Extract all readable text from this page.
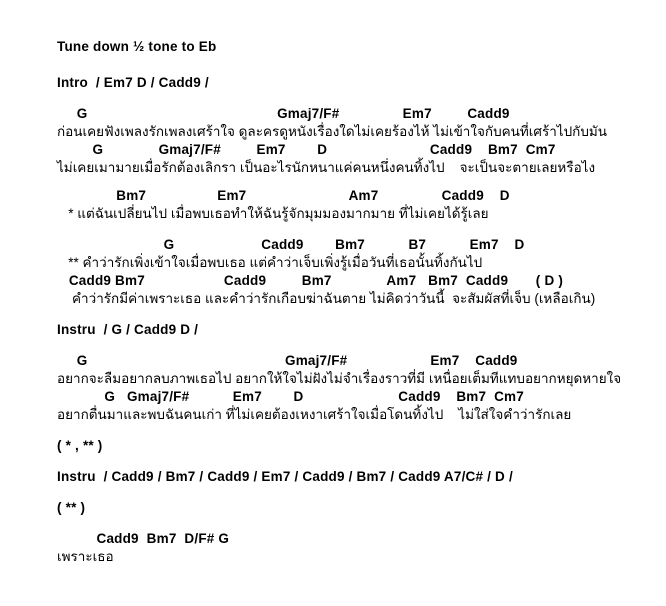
Tune down ½ tone to Eb
Intro  / Em7 D / Cadd9 /
G                                                Gmaj7/F#                Em7         Cadd9
ก่อนเคยฟังเพลงรักเพลงเศร้าใจ ดูละครดูหนังเรื่องใดไม่เคยร้องไห้ ไม่เข้าใจกับคนที่เศร้าไปกับมัน
G              Gmaj7/F#         Em7        D                          Cadd9    Bm7  Cm7
ไม่เคยเมามายเมื่อรักต้องเลิกรา เป็นอะไรนักหนาแค่คนหนึ่งคนทิ้งไป    จะเป็นจะตายเลยหรือไง
Bm7                  Em7                          Am7                Cadd9    D
* แต่ฉันเปลี่ยนไป เมื่อพบเธอทำให้ฉันรู้จักมุมมองมากมาย ที่ไม่เคยได้รู้เลย
G                      Cadd9        Bm7           B7           Em7    D
** คำว่ารักเพิ่งเข้าใจเมื่อพบเธอ แต่คำว่าเจ็บเพิ่งรู้เมื่อวันที่เธอนั้นทิ้งกันไป
Cadd9 Bm7                    Cadd9         Bm7              Am7   Bm7  Cadd9       ( D )
คำว่ารักมีค่าเพราะเธอ และคำว่ารักเกือบฆ่าฉันตาย ไม่คิดว่าวันนี้  จะสัมผัสที่เจ็บ (เหลือเกิน)
Instru  / G / Cadd9 D /
G                                                  Gmaj7/F#                     Em7    Cadd9
อยากจะลืมอยากลบภาพเธอไป อยากให้ใจไม่ฝังไม่จำเรื่องราวที่มี เหนื่อยเต็มทีแทบอยากหยุดหายใจ
G   Gmaj7/F#           Em7        D                        Cadd9    Bm7  Cm7
อยากตื่นมาและพบฉันคนเก่า ที่ไม่เคยต้องเหงาเศร้าใจเมื่อโดนทิ้งไป    ไม่ใส่ใจคำว่ารักเลย
( * , ** )
Instru  / Cadd9 / Bm7 / Cadd9 / Em7 / Cadd9 / Bm7 / Cadd9 A7/C# / D /
( ** )
Cadd9  Bm7  D/F# G
เพราะเธอ
